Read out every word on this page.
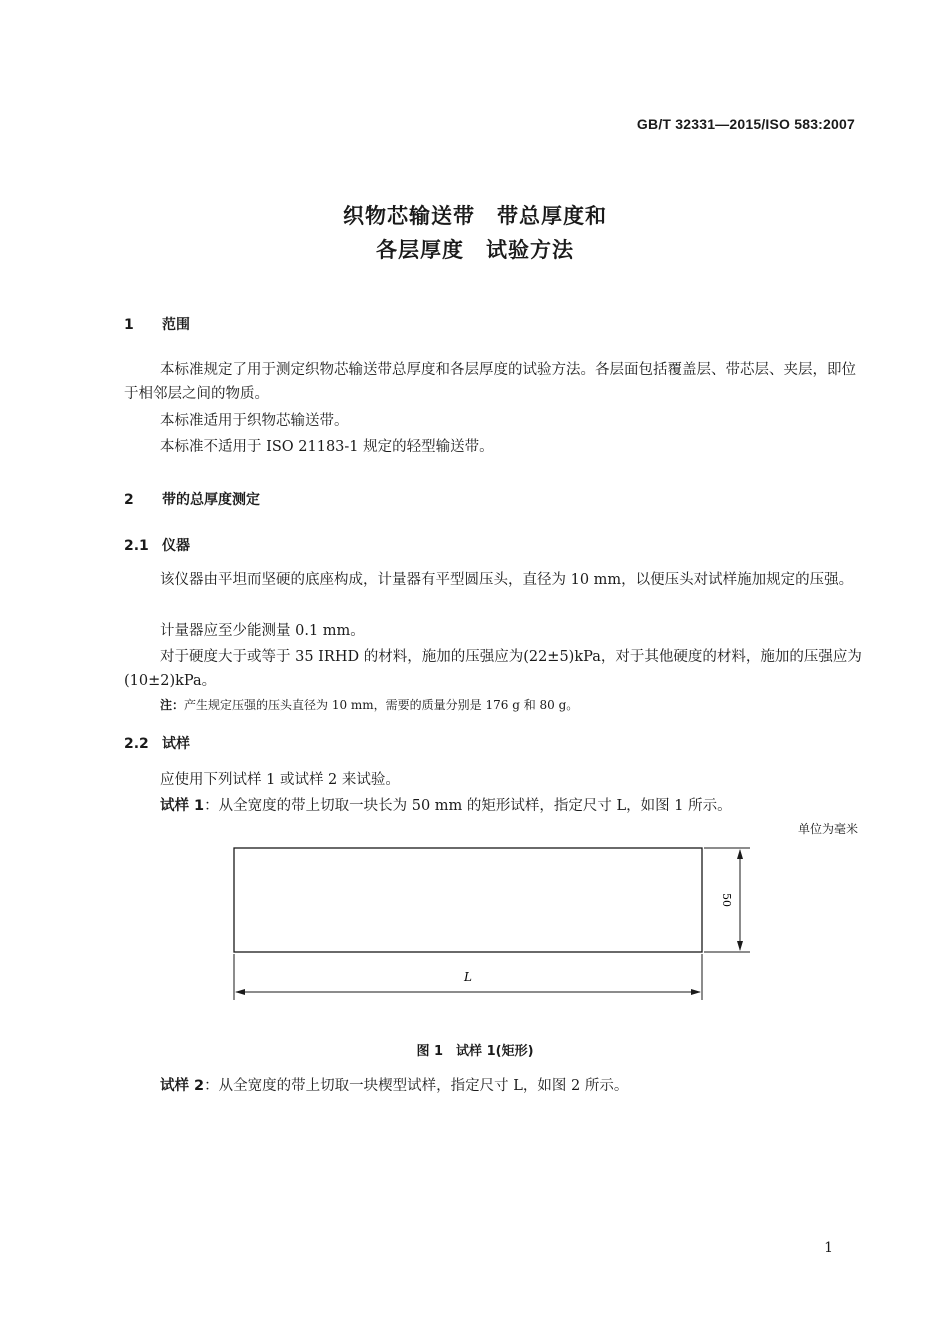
GB/T 32331—2015/ISO 583:2007
织物芯输送带　带总厚度和
各层厚度　试验方法
1 范围
本标准规定了用于测定织物芯输送带总厚度和各层厚度的试验方法。各层面包括覆盖层、带芯层、夹层，即位于相邻层之间的物质。
本标准适用于织物芯输送带。
本标准不适用于 ISO 21183-1 规定的轻型输送带。
2 带的总厚度测定
2.1 仪器
该仪器由平坦而坚硬的底座构成，计量器有平型圆压头，直径为 10 mm，以便压头对试样施加规定的压强。
计量器应至少能测量 0.1 mm。
对于硬度大于或等于 35 IRHD 的材料，施加的压强应为(22±5)kPa，对于其他硬度的材料，施加的压强应为(10±2)kPa。
注：产生规定压强的压头直径为 10 mm，需要的质量分别是 176 g 和 80 g。
2.2 试样
应使用下列试样 1 或试样 2 来试验。
试样 1：从全宽度的带上切取一块长为 50 mm 的矩形试样，指定尺寸 L，如图 1 所示。
单位为毫米
50
L
图 1　试样 1(矩形)
试样 2：从全宽度的带上切取一块楔型试样，指定尺寸 L，如图 2 所示。
1
